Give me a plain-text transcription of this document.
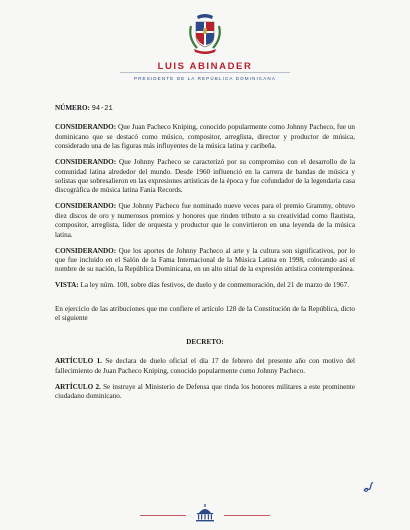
LUIS ABINADER
PRESIDENTE DE LA REPÚBLICA DOMINICANA

NÚMERO: 94-21

CONSIDERANDO: Que Juan Pacheco Kniping, conocido popularmente como Johnny Pacheco, fue un dominicano que se destacó como músico, compositor, arreglista, director y productor de música, considerado una de las figuras más influyentes de la música latina y caribeña.

CONSIDERANDO: Que Johnny Pacheco se caracterizó por su compromiso con el desarrollo de la comunidad latina alrededor del mundo. Desde 1960 influenció en la carrera de bandas de música y solistas que sobresalieron en las expresiones artísticas de la época y fue cofundador de la legendaria casa discográfica de música latina Fania Records.

CONSIDERANDO: Que Johnny Pacheco fue nominado nueve veces para el premio Grammy, obtuvo diez discos de oro y numerosos premios y honores que rinden tributo a su creatividad como flautista, compositor, arreglista, líder de orquesta y productor que le convirtieron en una leyenda de la música latina.

CONSIDERANDO: Que los aportes de Johnny Pacheco al arte y la cultura son significativos, por lo que fue incluido en el Salón de la Fama Internacional de la Música Latina en 1998, colocando así el nombre de su nación, la República Dominicana, en un alto sitial de la expresión artística contemporánea.

VISTA: La ley núm. 108, sobre días festivos, de duelo y de conmemoración, del 21 de marzo de 1967.

En ejercicio de las atribuciones que me confiere el artículo 128 de la Constitución de la República, dicto el siguiente

DECRETO:

ARTÍCULO 1. Se declara de duelo oficial el día 17 de febrero del presente año con motivo del fallecimiento de Juan Pacheco Kniping, conocido popularmente como Johnny Pacheco.

ARTÍCULO 2. Se instruye al Ministerio de Defensa que rinda los honores militares a este prominente ciudadano dominicano.
